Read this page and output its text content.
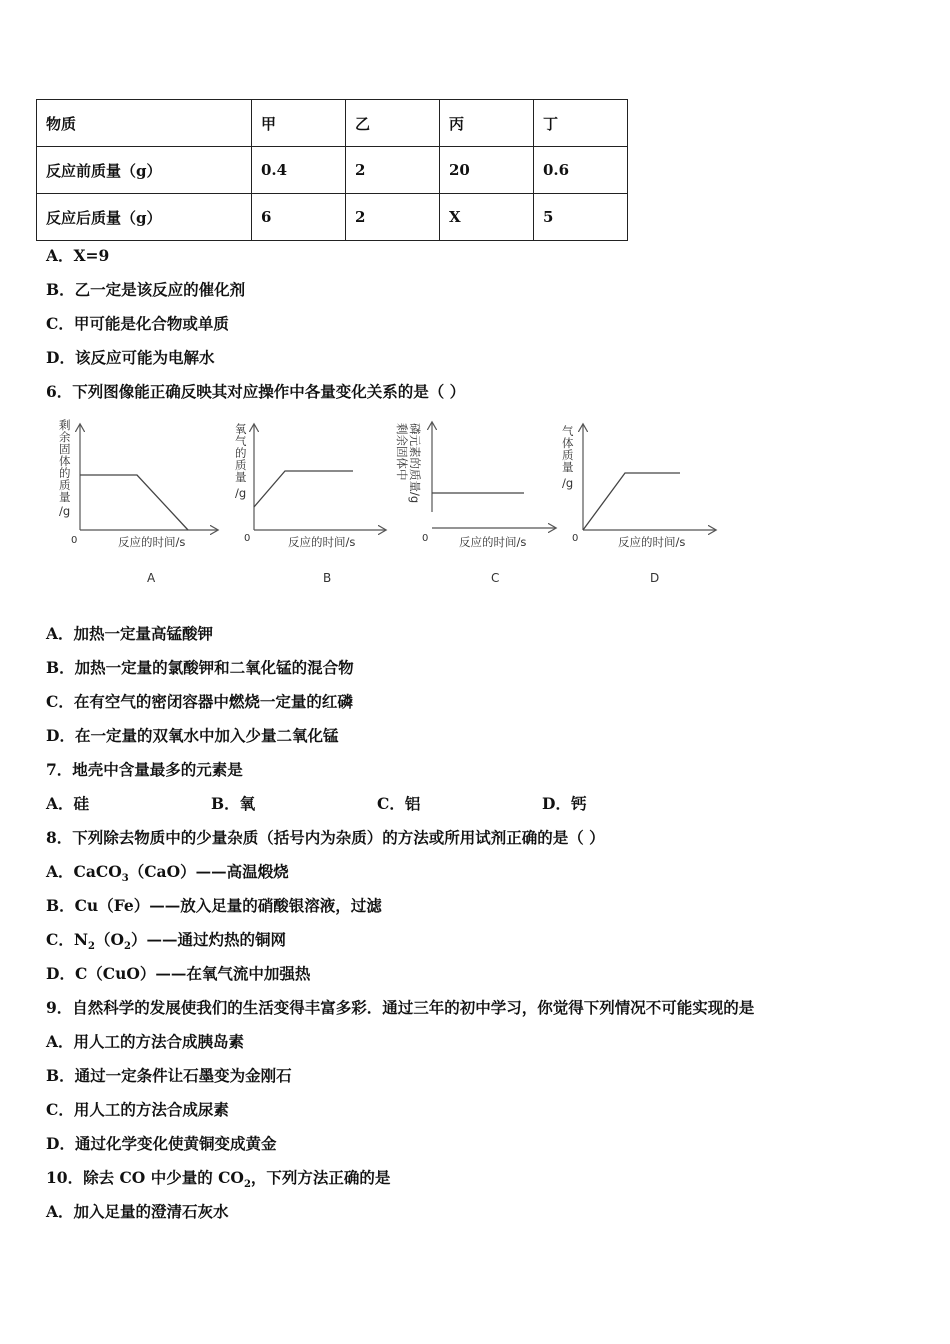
物质	甲	乙	丙	丁
反应前质量（g）	0.4	2	20	0.6
反应后质量（g）	6	2	X	5
A．X=9
B．乙一定是该反应的催化剂
C．甲可能是化合物或单质
D．该反应可能为电解水
6．下列图像能正确反映其对应操作中各量变化关系的是（ ）
剩
余
固
体
的
质
量
/g
0	反应的时间/s
A
氧
气
的
质
量
/g
0	反应的时间/s
B
磷元素的质量/g
剩余固体中
0	反应的时间/s
C
气
体
质
量
/g
0	反应的时间/s
D
A．加热一定量高锰酸钾
B．加热一定量的氯酸钾和二氧化锰的混合物
C．在有空气的密闭容器中燃烧一定量的红磷
D．在一定量的双氧水中加入少量二氧化锰
7．地壳中含量最多的元素是
A．硅	B．氧	C．铝	D．钙
8．下列除去物质中的少量杂质（括号内为杂质）的方法或所用试剂正确的是（ ）
A．CaCO$_3$（CaO）——高温煅烧
B．Cu（Fe）——放入足量的硝酸银溶液，过滤
C．$N_2(O_2)——$通过灼热的铜网
D．C（CuO）——在氧气流中加强热
9．自然科学的发展使我们的生活变得丰富多彩．通过三年的初中学习，你觉得下列情况不可能实现的是
A．用人工的方法合成胰岛素
B．通过一定条件让石墨变为金刚石
C．用人工的方法合成尿素
D．通过化学变化使黄铜变成黄金
10．除去 CO 中少量的 $CO_2$，下列方法正确的是
A．加入足量的澄清石灰水
